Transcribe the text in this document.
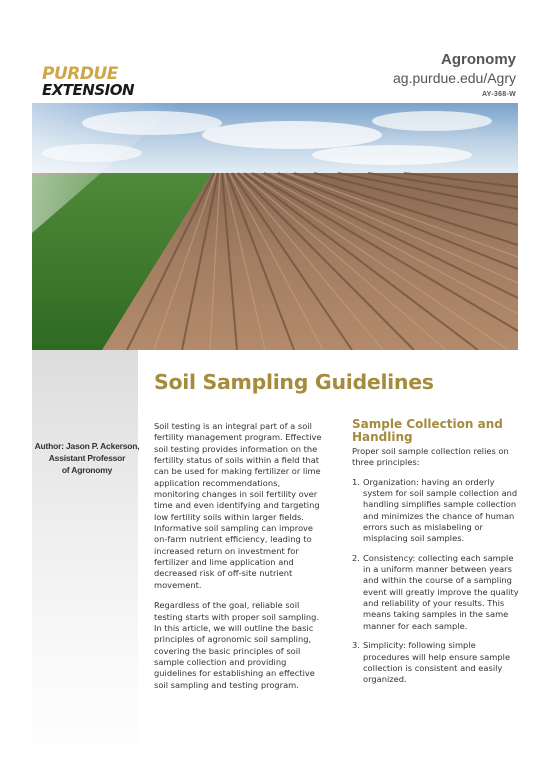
PURDUE
EXTENSION
Agronomy
ag.purdue.edu/Agry
AY-368-W
Author: Jason P. Ackerson,
Assistant Professor
of Agronomy
Soil Sampling Guidelines

Soil testing is an integral part of a soil fertility management program. Effective soil testing provides information on the fertility status of soils within a field that can be used for making fertilizer or lime application recommendations, monitoring changes in soil fertility over time and even identifying and targeting low fertility soils within larger fields. Informative soil sampling can improve on-farm nutrient efficiency, leading to increased return on investment for fertilizer and lime application and decreased risk of off-site nutrient movement.

Regardless of the goal, reliable soil testing starts with proper soil sampling. In this article, we will outline the basic principles of agronomic soil sampling, covering the basic principles of soil sample collection and providing guidelines for establishing an effective soil sampling and testing program.

Sample Collection and Handling

Proper soil sample collection relies on three principles:

1. Organization: having an orderly system for soil sample collection and handling simplifies sample collection and minimizes the chance of human errors such as mislabeling or misplacing soil samples.
2. Consistency: collecting each sample in a uniform manner between years and within the course of a sampling event will greatly improve the quality and reliability of your results. This means taking samples in the same manner for each sample.
3. Simplicity: following simple procedures will help ensure sample collection is consistent and easily organized.
